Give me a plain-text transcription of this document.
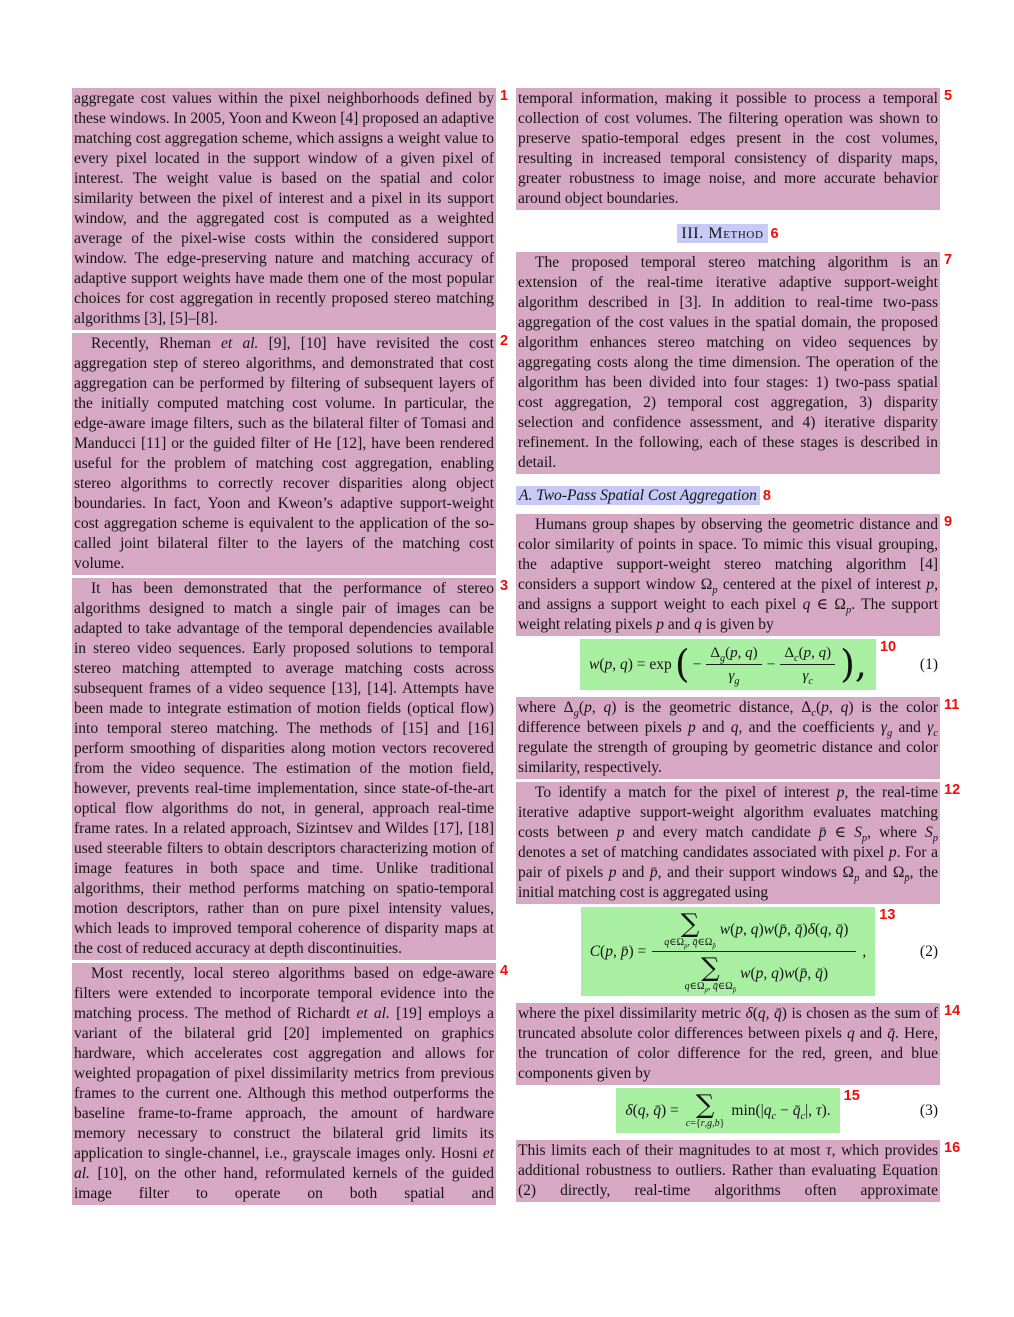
aggregate cost values within the pixel neighborhoods defined by these windows. In 2005, Yoon and Kweon [4] proposed an adaptive matching cost aggregation scheme, which assigns a weight value to every pixel located in the support window of a given pixel of interest. The weight value is based on the spatial and color similarity between the pixel of interest and a pixel in its support window, and the aggregated cost is computed as a weighted average of the pixel-wise costs within the considered support window. The edge-preserving nature and matching accuracy of adaptive support weights have made them one of the most popular choices for cost aggregation in recently proposed stereo matching algorithms [3], [5]–[8].

1

Recently, Rheman et al. [9], [10] have revisited the cost aggregation step of stereo algorithms, and demonstrated that cost aggregation can be performed by filtering of subsequent layers of the initially computed matching cost volume. In particular, the edge-aware image filters, such as the bilateral filter of Tomasi and Manducci [11] or the guided filter of He [12], have been rendered useful for the problem of matching cost aggregation, enabling stereo algorithms to correctly recover disparities along object boundaries. In fact, Yoon and Kweon’s adaptive support-weight cost aggregation scheme is equivalent to the application of the so-called joint bilateral filter to the layers of the matching cost volume.

2

It has been demonstrated that the performance of stereo algorithms designed to match a single pair of images can be adapted to take advantage of the temporal dependencies available in stereo video sequences. Early proposed solutions to temporal stereo matching attempted to average matching costs across subsequent frames of a video sequence [13], [14]. Attempts have been made to integrate estimation of motion fields (optical flow) into temporal stereo matching. The methods of [15] and [16] perform smoothing of disparities along motion vectors recovered from the video sequence. The estimation of the motion field, however, prevents real-time implementation, since state-of-the-art optical flow algorithms do not, in general, approach real-time frame rates. In a related approach, Sizintsev and Wildes [17], [18] used steerable filters to obtain descriptors characterizing motion of image features in both space and time. Unlike traditional algorithms, their method performs matching on spatio-temporal motion descriptors, rather than on pure pixel intensity values, which leads to improved temporal coherence of disparity maps at the cost of reduced accuracy at depth discontinuities.

3

Most recently, local stereo algorithms based on edge-aware filters were extended to incorporate temporal evidence into the matching process. The method of Richardt et al. [19] employs a variant of the bilateral grid [20] implemented on graphics hardware, which accelerates cost aggregation and allows for weighted propagation of pixel dissimilarity metrics from previous frames to the current one. Although this method outperforms the baseline frame-to-frame approach, the amount of hardware memory necessary to construct the bilateral grid limits its application to single-channel, i.e., grayscale images only. Hosni et al. [10], on the other hand, reformulated kernels of the guided image filter to operate on both spatial and

4

temporal information, making it possible to process a temporal collection of cost volumes. The filtering operation was shown to preserve spatio-temporal edges present in the cost volumes, resulting in increased temporal consistency of disparity maps, greater robustness to image noise, and more accurate behavior around object boundaries.

5
III. Method 6

The proposed temporal stereo matching algorithm is an extension of the real-time iterative adaptive support-weight algorithm described in [3]. In addition to real-time two-pass aggregation of the cost values in the spatial domain, the proposed algorithm enhances stereo matching on video sequences by aggregating costs along the time dimension. The operation of the algorithm has been divided into four stages: 1) two-pass spatial cost aggregation, 2) temporal cost aggregation, 3) disparity selection and confidence assessment, and 4) iterative disparity refinement. In the following, each of these stages is described in detail.

7
A. Two-Pass Spatial Cost Aggregation 8

Humans group shapes by observing the geometric distance and color similarity of points in space. To mimic this visual grouping, the adaptive support-weight stereo matching algorithm [4] considers a support window $\Omega_p$ centered at the pixel of interest p, and assigns a support weight to each pixel q ∈ $\Omega_p$. The support weight relating pixels p and q is given by

9
w(p, q) = exp ( − $\frac{\Delta_g(p, q)}{\gamma_g} - \frac{\Delta_c(p, q)}{\gamma_c}$ ), 10
(1)

where $\Delta_g(p$, q) is the geometric distance, $\Delta_c(p$, q) is the color difference between pixels p and q, and the coefficients $\gamma_g$ and $\gamma_c$ regulate the strength of grouping by geometric distance and color similarity, respectively.

11

To identify a match for the pixel of interest p, the real-time iterative adaptive support-weight algorithm evaluates matching costs between p and every match candidate p̄ ∈ $S_p$, where $S_p$ denotes a set of matching candidates associated with pixel p. For a pair of pixels p and p̄, and their support windows $\Omega_p$ and $\Omega_{p̄}$, the initial matching cost is aggregated using

12
C(p, p̄) =
∑
$q\in\Omega_p$, $q̄\in\Omega_{p̄}$
w(p, q)w(p̄, q̄)δ(q, q̄)
∑
$q\in\Omega_p$, $q̄\in\Omega_{p̄}$
w(p, q)w(p̄, q̄)
,
13
(2)

where the pixel dissimilarity metric δ(q, q̄) is chosen as the sum of truncated absolute color differences between pixels q and q̄. Here, the truncation of color difference for the red, green, and blue components given by

14
δ(q, q̄) = ∑
c={r,g,b}
$\min(|q_c$ − $q̄_c|$, τ).
15
(3)

This limits each of their magnitudes to at most τ, which provides additional robustness to outliers. Rather than evaluating Equation (2) directly, real-time algorithms often approximate

16
